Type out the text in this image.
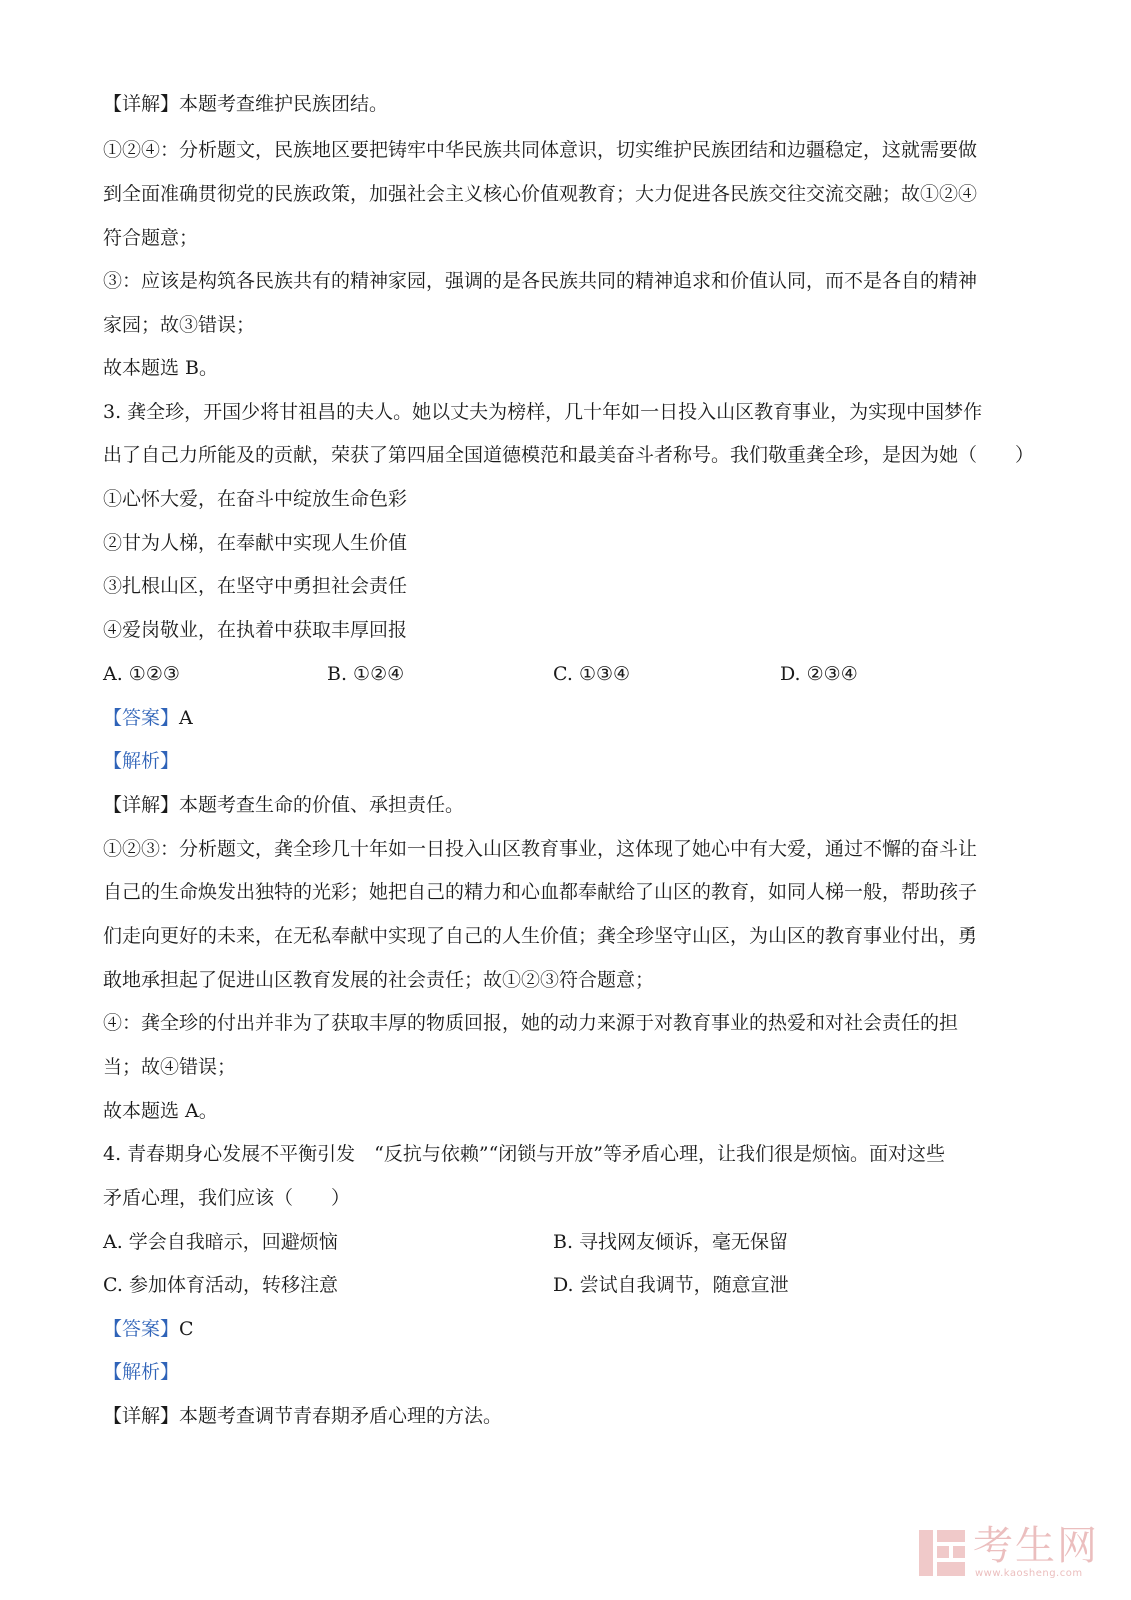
【详解】本题考查维护民族团结。
①②④：分析题文，民族地区要把铸牢中华民族共同体意识，切实维护民族团结和边疆稳定，这就需要做
到全面准确贯彻党的民族政策，加强社会主义核心价值观教育；大力促进各民族交往交流交融；故①②④
符合题意；
③：应该是构筑各民族共有的精神家园，强调的是各民族共同的精神追求和价值认同，而不是各自的精神
家园；故③错误；
故本题选 B。
3. 龚全珍，开国少将甘祖昌的夫人。她以丈夫为榜样，几十年如一日投入山区教育事业，为实现中国梦作
出了自己力所能及的贡献，荣获了第四届全国道德模范和最美奋斗者称号。我们敬重龚全珍，是因为她（　　）
①心怀大爱，在奋斗中绽放生命色彩
②甘为人梯，在奉献中实现人生价值
③扎根山区，在坚守中勇担社会责任
④爱岗敬业，在执着中获取丰厚回报
A. ①②③	B. ①②④	C. ①③④	D. ②③④
【答案】A
【解析】
【详解】本题考查生命的价值、承担责任。
①②③：分析题文，龚全珍几十年如一日投入山区教育事业，这体现了她心中有大爱，通过不懈的奋斗让
自己的生命焕发出独特的光彩；她把自己的精力和心血都奉献给了山区的教育，如同人梯一般，帮助孩子
们走向更好的未来，在无私奉献中实现了自己的人生价值；龚全珍坚守山区，为山区的教育事业付出，勇
敢地承担起了促进山区教育发展的社会责任；故①②③符合题意；
④：龚全珍的付出并非为了获取丰厚的物质回报，她的动力来源于对教育事业的热爱和对社会责任的担
当；故④错误；
故本题选 A。
4. 青春期身心发展不平衡引发　“反抗与依赖”“闭锁与开放”等矛盾心理，让我们很是烦恼。面对这些
矛盾心理，我们应该（　　）
A. 学会自我暗示，回避烦恼	B. 寻找网友倾诉，毫无保留
C. 参加体育活动，转移注意	D. 尝试自我调节，随意宣泄
【答案】C
【解析】
【详解】本题考查调节青春期矛盾心理的方法。
考生网
www.kaosheng.com
